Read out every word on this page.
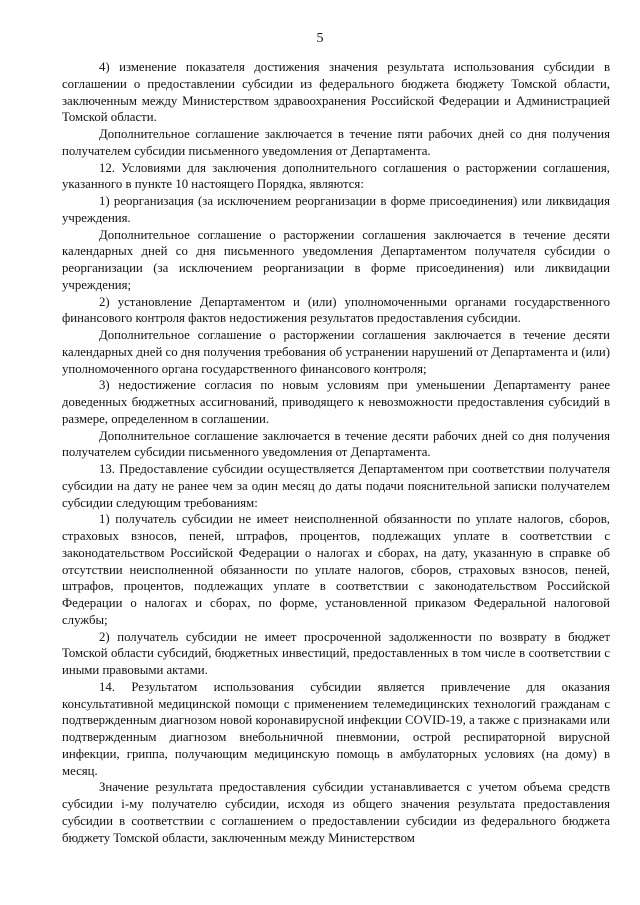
5

4) изменение показателя достижения значения результата использования субсидии в соглашении о предоставлении субсидии из федерального бюджета бюджету Томской области, заключенным между Министерством здравоохранения Российской Федерации и Администрацией Томской области.

Дополнительное соглашение заключается в течение пяти рабочих дней со дня получения получателем субсидии письменного уведомления от Департамента.

12. Условиями для заключения дополнительного соглашения о расторжении соглашения, указанного в пункте 10 настоящего Порядка, являются:

1) реорганизация (за исключением реорганизации в форме присоединения) или ликвидация учреждения.

Дополнительное соглашение о расторжении соглашения заключается в течение десяти календарных дней со дня письменного уведомления Департаментом получателя субсидии о реорганизации (за исключением реорганизации в форме присоединения) или ликвидации учреждения;

2) установление Департаментом и (или) уполномоченными органами государственного финансового контроля фактов недостижения результатов предоставления субсидии.

Дополнительное соглашение о расторжении соглашения заключается в течение десяти календарных дней со дня получения требования об устранении нарушений от Департамента и (или) уполномоченного органа государственного финансового контроля;

3) недостижение согласия по новым условиям при уменьшении Департаменту ранее доведенных бюджетных ассигнований, приводящего к невозможности предоставления субсидий в размере, определенном в соглашении.

Дополнительное соглашение заключается в течение десяти рабочих дней со дня получения получателем субсидии письменного уведомления от Департамента.

13. Предоставление субсидии осуществляется Департаментом при соответствии получателя субсидии на дату не ранее чем за один месяц до даты подачи пояснительной записки получателем субсидии следующим требованиям:

1) получатель субсидии не имеет неисполненной обязанности по уплате налогов, сборов, страховых взносов, пеней, штрафов, процентов, подлежащих уплате в соответствии с законодательством Российской Федерации о налогах и сборах, на дату, указанную в справке об отсутствии неисполненной обязанности по уплате налогов, сборов, страховых взносов, пеней, штрафов, процентов, подлежащих уплате в соответствии с законодательством Российской Федерации о налогах и сборах, по форме, установленной приказом Федеральной налоговой службы;

2) получатель субсидии не имеет просроченной задолженности по возврату в бюджет Томской области субсидий, бюджетных инвестиций, предоставленных в том числе в соответствии с иными правовыми актами.

14. Результатом использования субсидии является привлечение для оказания консультативной медицинской помощи с применением телемедицинских технологий гражданам с подтвержденным диагнозом новой коронавирусной инфекции COVID-19, а также с признаками или подтвержденным диагнозом внебольничной пневмонии, острой респираторной вирусной инфекции, гриппа, получающим медицинскую помощь в амбулаторных условиях (на дому) в месяц.

Значение результата предоставления субсидии устанавливается с учетом объема средств субсидии i-му получателю субсидии, исходя из общего значения результата предоставления субсидии в соответствии с соглашением о предоставлении субсидии из федерального бюджета бюджету Томской области, заключенным между Министерством
